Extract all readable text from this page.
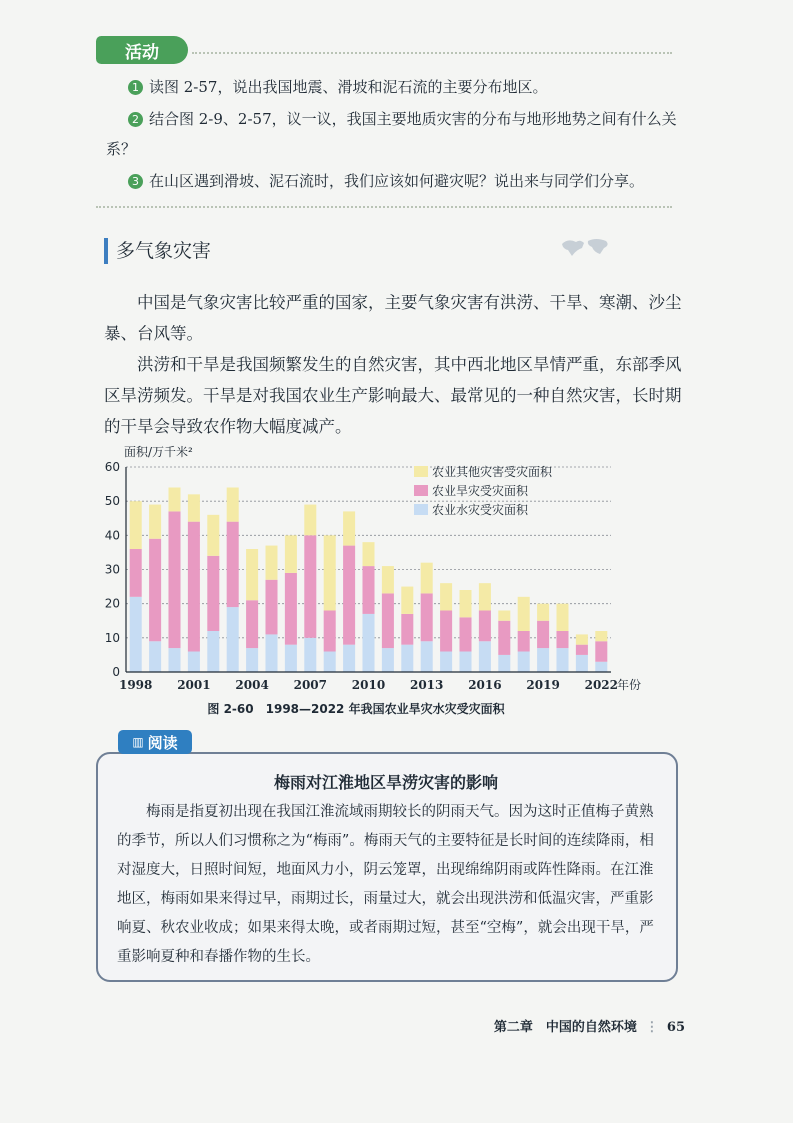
活动
1 读图 2-57，说出我国地震、滑坡和泥石流的主要分布地区。
2 结合图 2-9、2-57，议一议，我国主要地质灾害的分布与地形地势之间有什么关系？
3 在山区遇到滑坡、泥石流时，我们应该如何避灾呢？说出来与同学们分享。
多气象灾害
中国是气象灾害比较严重的国家，主要气象灾害有洪涝、干旱、寒潮、沙尘暴、台风等。
洪涝和干旱是我国频繁发生的自然灾害，其中西北地区旱情严重，东部季风区旱涝频发。干旱是对我国农业生产影响最大、最常见的一种自然灾害，长时期的干旱会导致农作物大幅度减产。
面积/万千米²
0
10
20
30
40
50
60
1998 2001 2004 2007 2010 2013 2016 2019 2022
年份
农业其他灾害受灾面积
农业旱灾受灾面积
农业水灾受灾面积
图 2-60　1998—2022 年我国农业旱灾水灾受灾面积
▥ 阅读
梅雨对江淮地区旱涝灾害的影响
梅雨是指夏初出现在我国江淮流域雨期较长的阴雨天气。因为这时正值梅子黄熟的季节，所以人们习惯称之为“梅雨”。梅雨天气的主要特征是长时间的连续降雨，相对湿度大，日照时间短，地面风力小，阴云笼罩，出现绵绵阴雨或阵性降雨。在江淮地区，梅雨如果来得过早，雨期过长，雨量过大，就会出现洪涝和低温灾害，严重影响夏、秋农业收成；如果来得太晚，或者雨期过短，甚至“空梅”，就会出现干旱，严重影响夏种和春播作物的生长。
第二章　中国的自然环境 ⋮ 65
